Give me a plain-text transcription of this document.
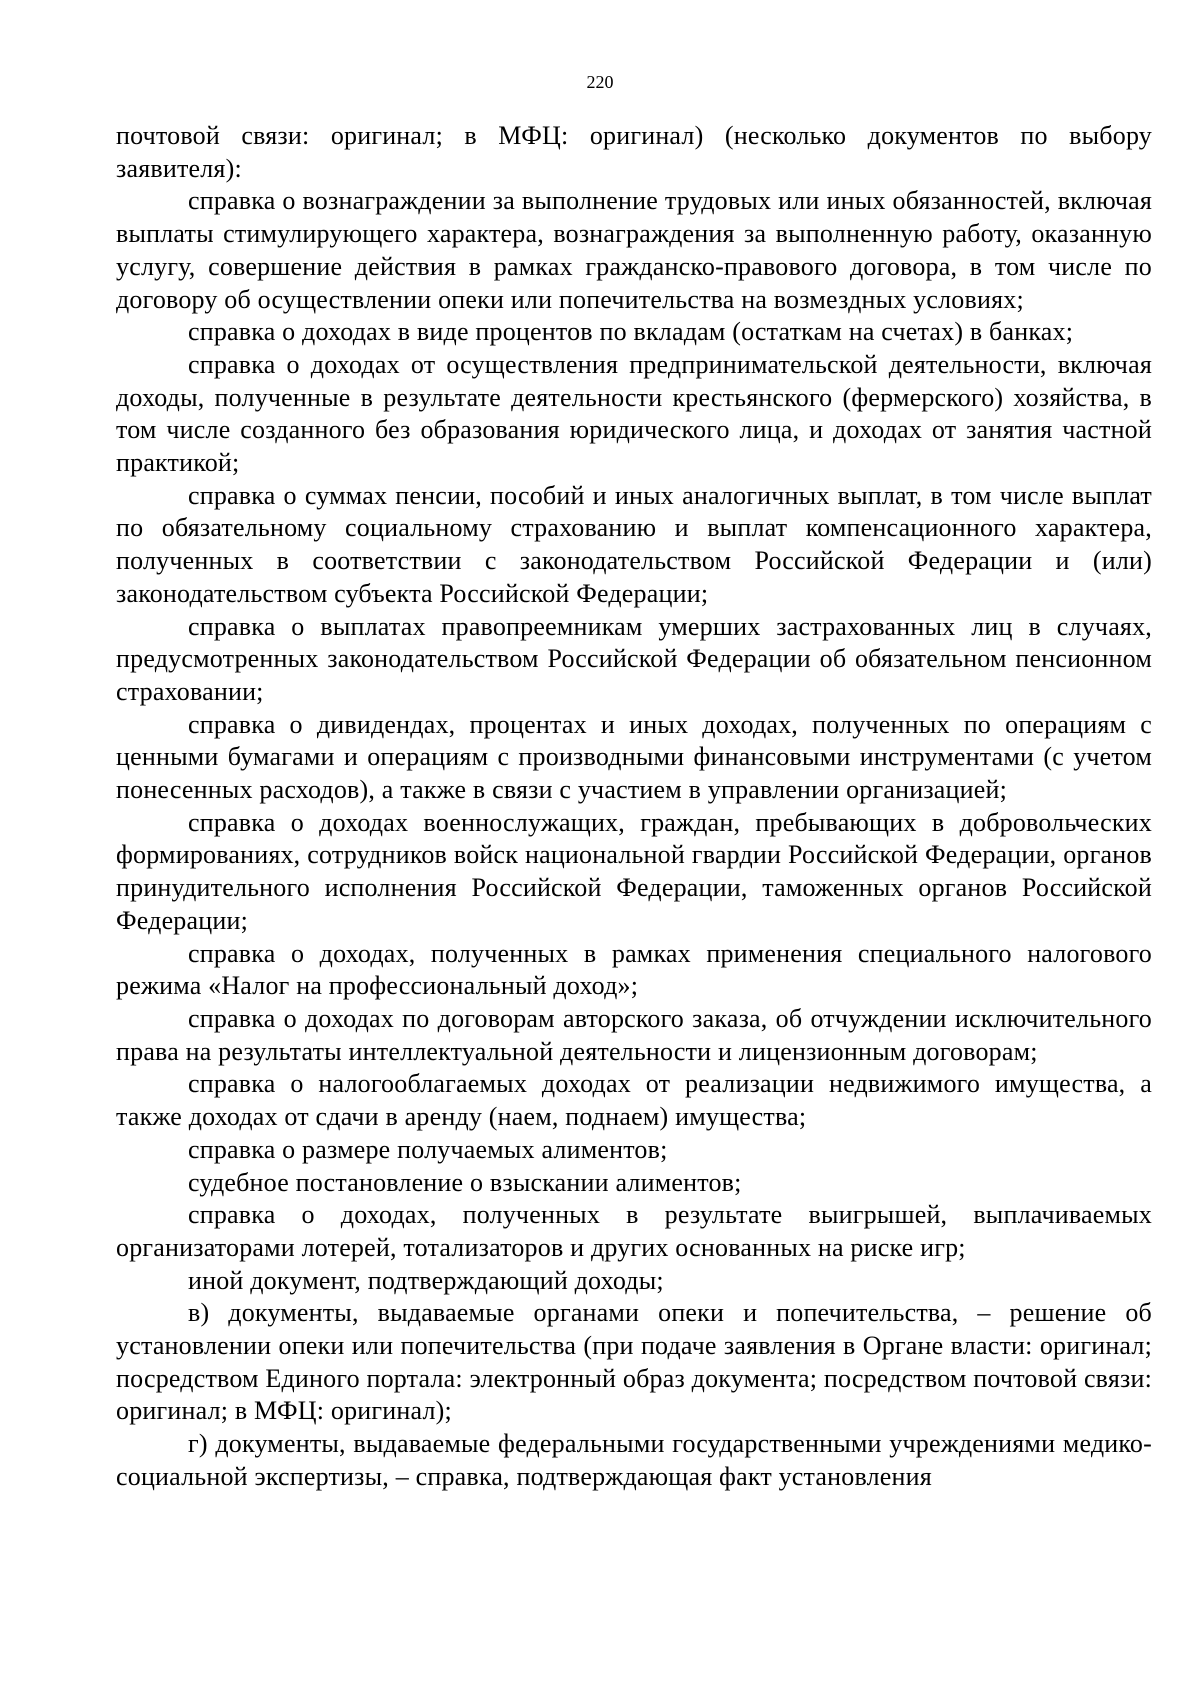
220

почтовой связи: оригинал; в МФЦ: оригинал) (несколько документов по выбору заявителя):

справка о вознаграждении за выполнение трудовых или иных обязанностей, включая выплаты стимулирующего характера, вознаграждения за выполненную работу, оказанную услугу, совершение действия в рамках гражданско-правового договора, в том числе по договору об осуществлении опеки или попечительства на возмездных условиях;

справка о доходах в виде процентов по вкладам (остаткам на счетах) в банках;

справка о доходах от осуществления предпринимательской деятельности, включая доходы, полученные в результате деятельности крестьянского (фермерского) хозяйства, в том числе созданного без образования юридического лица, и доходах от занятия частной практикой;

справка о суммах пенсии, пособий и иных аналогичных выплат, в том числе выплат по обязательному социальному страхованию и выплат компенсационного характера, полученных в соответствии с законодательством Российской Федерации и (или) законодательством субъекта Российской Федерации;

справка о выплатах правопреемникам умерших застрахованных лиц в случаях, предусмотренных законодательством Российской Федерации об обязательном пенсионном страховании;

справка о дивидендах, процентах и иных доходах, полученных по операциям с ценными бумагами и операциям с производными финансовыми инструментами (с учетом понесенных расходов), а также в связи с участием в управлении организацией;

справка о доходах военнослужащих, граждан, пребывающих в добровольческих формированиях, сотрудников войск национальной гвардии Российской Федерации, органов принудительного исполнения Российской Федерации, таможенных органов Российской Федерации;

справка о доходах, полученных в рамках применения специального налогового режима «Налог на профессиональный доход»;

справка о доходах по договорам авторского заказа, об отчуждении исключительного права на результаты интеллектуальной деятельности и лицензионным договорам;

справка о налогооблагаемых доходах от реализации недвижимого имущества, а также доходах от сдачи в аренду (наем, поднаем) имущества;

справка о размере получаемых алиментов;

судебное постановление о взыскании алиментов;

справка о доходах, полученных в результате выигрышей, выплачиваемых организаторами лотерей, тотализаторов и других основанных на риске игр;

иной документ, подтверждающий доходы;

в) документы, выдаваемые органами опеки и попечительства, – решение об установлении опеки или попечительства (при подаче заявления в Органе власти: оригинал; посредством Единого портала: электронный образ документа; посредством почтовой связи: оригинал; в МФЦ: оригинал);

г) документы, выдаваемые федеральными государственными учреждениями медико-социальной экспертизы, – справка, подтверждающая факт установления
